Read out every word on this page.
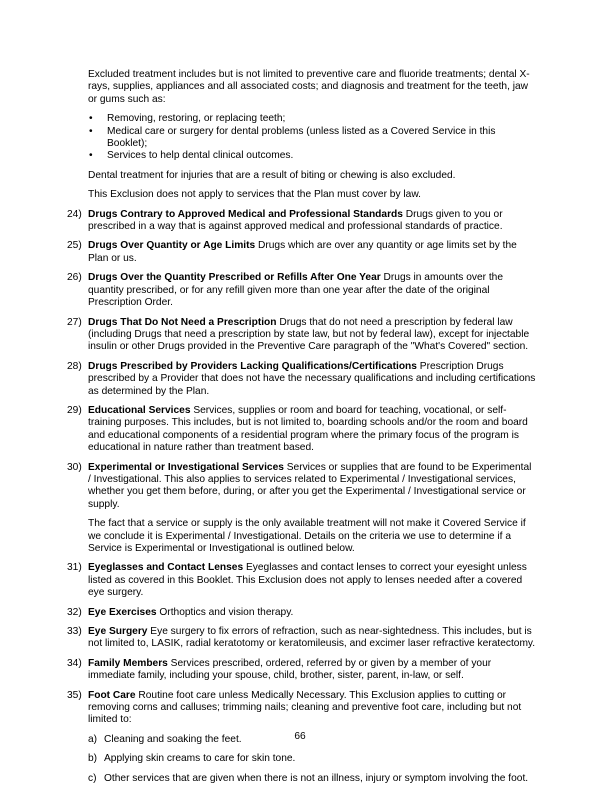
Excluded treatment includes but is not limited to preventive care and fluoride treatments; dental X-rays, supplies, appliances and all associated costs; and diagnosis and treatment for the teeth, jaw or gums such as:

• Removing, restoring, or replacing teeth;
• Medical care or surgery for dental problems (unless listed as a Covered Service in this Booklet);
• Services to help dental clinical outcomes.

Dental treatment for injuries that are a result of biting or chewing is also excluded.

This Exclusion does not apply to services that the Plan must cover by law.

24) Drugs Contrary to Approved Medical and Professional Standards Drugs given to you or prescribed in a way that is against approved medical and professional standards of practice.
25) Drugs Over Quantity or Age Limits Drugs which are over any quantity or age limits set by the Plan or us.
26) Drugs Over the Quantity Prescribed or Refills After One Year Drugs in amounts over the quantity prescribed, or for any refill given more than one year after the date of the original Prescription Order.
27) Drugs That Do Not Need a Prescription Drugs that do not need a prescription by federal law (including Drugs that need a prescription by state law, but not by federal law), except for injectable insulin or other Drugs provided in the Preventive Care paragraph of the "What's Covered" section.
28) Drugs Prescribed by Providers Lacking Qualifications/Certifications Prescription Drugs prescribed by a Provider that does not have the necessary qualifications and including certifications as determined by the Plan.
29) Educational Services Services, supplies or room and board for teaching, vocational, or self-training purposes. This includes, but is not limited to, boarding schools and/or the room and board and educational components of a residential program where the primary focus of the program is educational in nature rather than treatment based.
30) Experimental or Investigational Services Services or supplies that are found to be Experimental / Investigational. This also applies to services related to Experimental / Investigational services, whether you get them before, during, or after you get the Experimental / Investigational service or supply.

The fact that a service or supply is the only available treatment will not make it Covered Service if we conclude it is Experimental / Investigational. Details on the criteria we use to determine if a Service is Experimental or Investigational is outlined below.

31) Eyeglasses and Contact Lenses Eyeglasses and contact lenses to correct your eyesight unless listed as covered in this Booklet. This Exclusion does not apply to lenses needed after a covered eye surgery.
32) Eye Exercises Orthoptics and vision therapy.
33) Eye Surgery Eye surgery to fix errors of refraction, such as near-sightedness. This includes, but is not limited to, LASIK, radial keratotomy or keratomileusis, and excimer laser refractive keratectomy.
34) Family Members Services prescribed, ordered, referred by or given by a member of your immediate family, including your spouse, child, brother, sister, parent, in-law, or self.
35) Foot Care Routine foot care unless Medically Necessary. This Exclusion applies to cutting or removing corns and calluses; trimming nails; cleaning and preventive foot care, including but not limited to:
a) Cleaning and soaking the feet.
b) Applying skin creams to care for skin tone.
c) Other services that are given when there is not an illness, injury or symptom involving the foot.
66
